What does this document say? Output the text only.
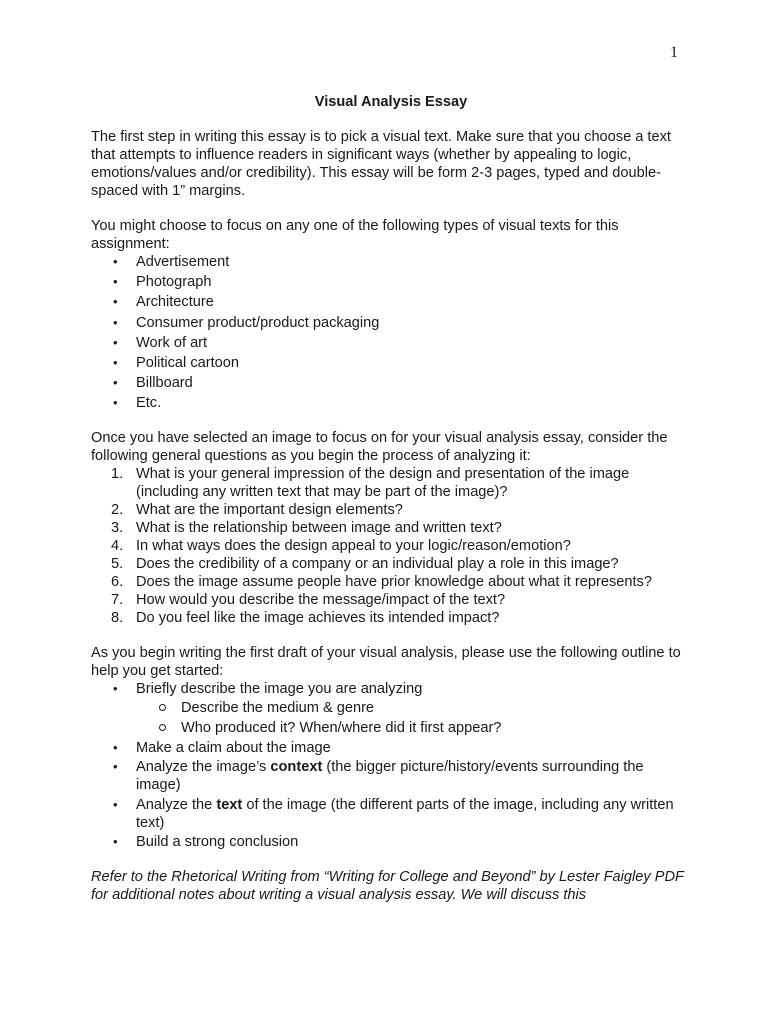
1
Visual Analysis Essay

The first step in writing this essay is to pick a visual text. Make sure that you choose a text that attempts to influence readers in significant ways (whether by appealing to logic, emotions/values and/or credibility). This essay will be form 2-3 pages, typed and double-spaced with 1” margins.

You might choose to focus on any one of the following types of visual texts for this assignment:

• Advertisement
• Photograph
• Architecture
• Consumer product/product packaging
• Work of art
• Political cartoon
• Billboard
• Etc.

Once you have selected an image to focus on for your visual analysis essay, consider the following general questions as you begin the process of analyzing it:

1. What is your general impression of the design and presentation of the image (including any written text that may be part of the image)?
2. What are the important design elements?
3. What is the relationship between image and written text?
4. In what ways does the design appeal to your logic/reason/emotion?
5. Does the credibility of a company or an individual play a role in this image?
6. Does the image assume people have prior knowledge about what it represents?
7. How would you describe the message/impact of the text?
8. Do you feel like the image achieves its intended impact?

As you begin writing the first draft of your visual analysis, please use the following outline to help you get started:

• Briefly describe the image you are analyzing
Describe the medium & genre
Who produced it? When/where did it first appear?
• Make a claim about the image
• Analyze the image’s context (the bigger picture/history/events surrounding the image)
• Analyze the text of the image (the different parts of the image, including any written text)
• Build a strong conclusion

Refer to the Rhetorical Writing from “Writing for College and Beyond” by Lester Faigley PDF for additional notes about writing a visual analysis essay. We will discuss this
